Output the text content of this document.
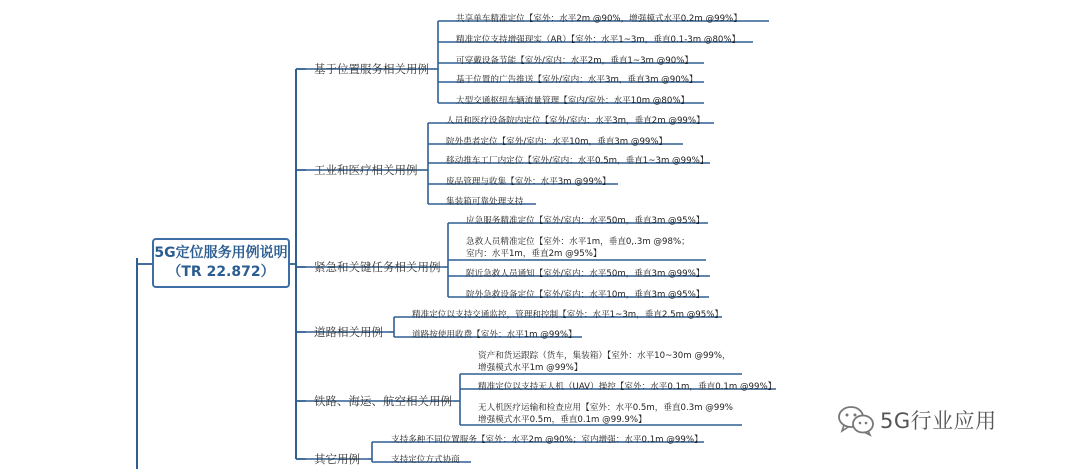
5G定位服务用例说明
（TR 22.872）
基于位置服务相关用例
工业和医疗相关用例
紧急和关键任务相关用例
道路相关用例
铁路、海运、航空相关用例
其它用例
共享单车精准定位【室外：水平2m @90%，增强模式水平0.2m @99%】
精准定位支持增强现实（AR）【室外：水平1~3m，垂直0.1-3m @80%】
可穿戴设备节能【室外/室内：水平2m，垂直1~3m @90%】
基于位置的广告推送【室外/室内：水平3m，垂直3m @90%】
大型交通枢纽车辆流量管理【室内/室外：水平10m @80%】
人员和医疗设备院内定位【室外/室内：水平3m，垂直2m @99%】
院外患者定位【室外/室内：水平10m，垂直3m @99%】
移动推车工厂内定位【室外/室内：水平0.5m，垂直1~3m @99%】
废品管理与收集【室外：水平3m @99%】
集装箱可靠处理支持
应急服务精准定位【室外/室内：水平50m，垂直3m @95%】
急救人员精准定位【室外：水平1m，垂直0,.3m @98%；
室内：水平1m，垂直2m @95%】
附近急救人员通知【室外/室内：水平50m，垂直3m @99%】
院外急救设备定位【室外/室内：水平10m，垂直3m @95%】
精准定位以支持交通监控，管理和控制【室外：水平1~3m，垂直2.5m @95%】
道路按使用收费【室外：水平1m @99%】
资产和货运跟踪（货车，集装箱）【室外：水平10~30m @99%，
增强模式水平1m @99%】
精准定位以支持无人机（UAV）操控【室外：水平0.1m，垂直0.1m @99%】
无人机医疗运输和检查应用【室外：水平0.5m，垂直0.3m @99%
增强模式水平0.5m，垂直0.1m @99.9%】
支持多种不同位置服务【室外：水平2m @90%；室内增强：水平0.1m @99%】
支持定位方式协商
5G行业应用
